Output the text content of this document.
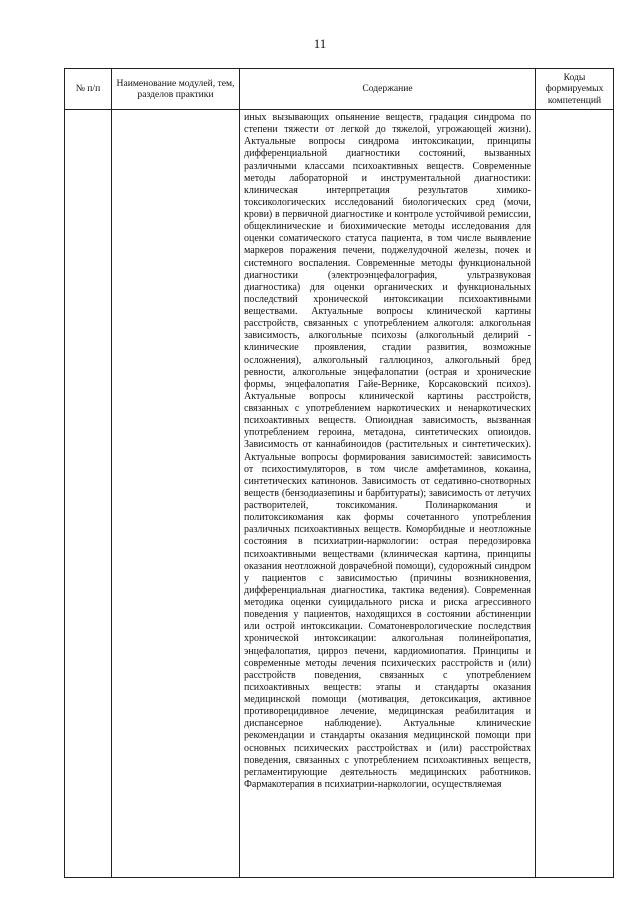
11
№ п/п	Наименование модулей, тем, разделов практики	Содержание	Коды формируемых компетенций

		иных вызывающих опьянение веществ, градация синдрома по степени тяжести от легкой до тяжелой, угрожающей жизни). Актуальные вопросы синдрома интоксикации, принципы дифференциальной диагностики состояний, вызванных различными классами психоактивных веществ. Современные методы лабораторной и инструментальной диагностики: клиническая интерпретация результатов химико-токсикологических исследований биологических сред (мочи, крови) в первичной диагностике и контроле устойчивой ремиссии, общеклинические и биохимические методы исследования для оценки соматического статуса пациента, в том числе выявление маркеров поражения печени, поджелудочной железы, почек и системного воспаления. Современные методы функциональной диагностики (электроэнцефалография, ультразвуковая диагностика) для оценки органических и функциональных последствий хронической интоксикации психоактивными веществами. Актуальные вопросы клинической картины расстройств, связанных с употреблением алкоголя: алкогольная зависимость, алкогольные психозы (алкогольный делирий - клинические проявления, стадии развития, возможные осложнения), алкогольный галлюциноз, алкогольный бред ревности, алкогольные энцефалопатии (острая и хронические формы, энцефалопатия Гайе-Вернике, Корсаковский психоз). Актуальные вопросы клинической картины расстройств, связанных с употреблением наркотических и ненаркотических психоактивных веществ. Опиоидная зависимость, вызванная употреблением героина, метадона, синтетических опиоидов. Зависимость от каннабиноидов (растительных и синтетических). Актуальные вопросы формирования зависимостей: зависимость от психостимуляторов, в том числе амфетаминов, кокаина, синтетических катинонов. Зависимость от седативно-снотворных веществ (бензодиазепины и барбитураты); зависимость от летучих растворителей, токсикомания. Полинаркомания и политоксикомания как формы сочетанного употребления различных психоактивных веществ. Коморбидные и неотложные состояния в психиатрии-наркологии: острая передозировка психоактивными веществами (клиническая картина, принципы оказания неотложной доврачебной помощи), судорожный синдром у пациентов с зависимостью (причины возникновения, дифференциальная диагностика, тактика ведения). Современная методика оценки суицидального риска и риска агрессивного поведения у пациентов, находящихся в состоянии абстиненции или острой интоксикации. Соматоневрологические последствия хронической интоксикации: алкогольная полинейропатия, энцефалопатия, цирроз печени, кардиомиопатия. Принципы и современные методы лечения психических расстройств и (или) расстройств поведения, связанных с употреблением психоактивных веществ: этапы и стандарты оказания медицинской помощи (мотивация, детоксикация, активное противорецидивное лечение, медицинская реабилитация и диспансерное наблюдение). Актуальные клинические рекомендации и стандарты оказания медицинской помощи при основных психических расстройствах и (или) расстройствах поведения, связанных с употреблением психоактивных веществ, регламентирующие деятельность медицинских работников. Фармакотерапия в психиатрии-наркологии, осуществляемая	
